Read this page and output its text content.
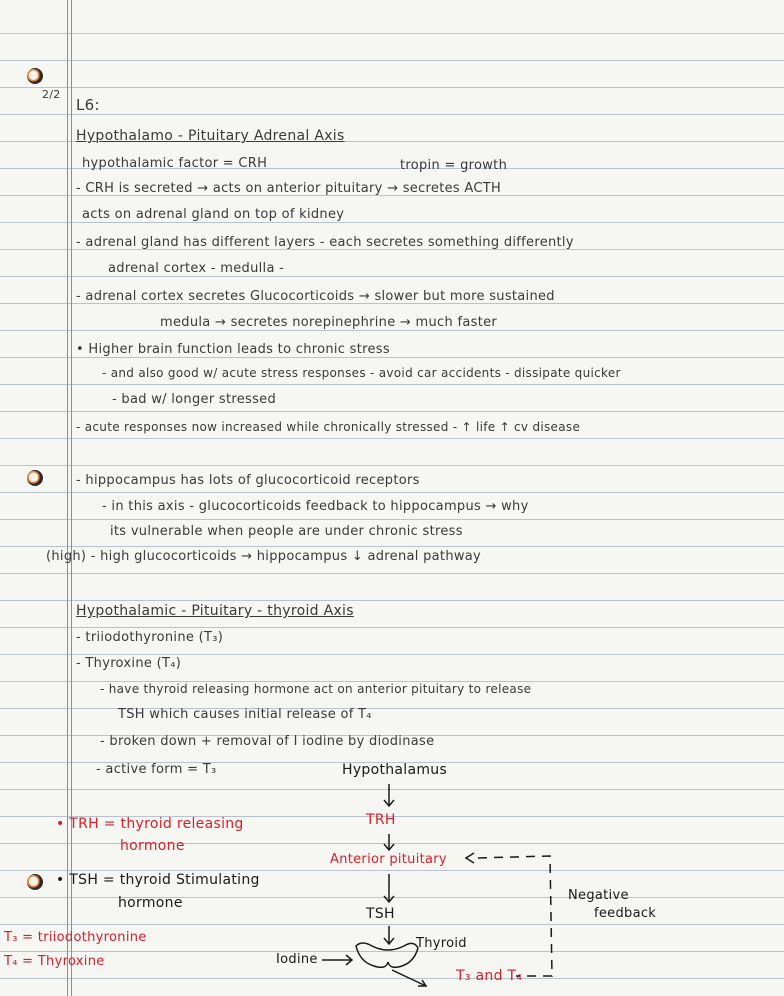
2/2
L6:
Hypothalamo - Pituitary Adrenal Axis
hypothalamic factor = CRH	tropin = growth
- CRH is secreted → acts on anterior pituitary → secretes ACTH
acts on adrenal gland on top of kidney
- adrenal gland has different layers - each secretes something differently
adrenal cortex - medulla -
- adrenal cortex secretes Glucocorticoids → slower but more sustained
medula → secretes norepinephrine → much faster
• Higher brain function leads to chronic stress
- and also good w/ acute stress responses - avoid car accidents - dissipate quicker
- bad w/ longer stressed
- acute responses now increased while chronically stressed - ↑ life ↑ cv disease
- hippocampus has lots of glucocorticoid receptors
- in this axis - glucocorticoids feedback to hippocampus → why
its vulnerable when people are under chronic stress
(high) - high glucocorticoids → hippocampus ↓ adrenal pathway
Hypothalamic - Pituitary - thyroid Axis
- triiodothyronine (T₃)
- Thyroxine (T₄)
- have thyroid releasing hormone act on anterior pituitary to release
TSH which causes initial release of T₄
- broken down + removal of I iodine by diodinase
- active form = T₃
• TRH = thyroid releasing
hormone
• TSH = thyroid Stimulating
hormone
T₃ = triiodothyronine
T₄ = Thyroxine
Hypothalamus
TRH
Anterior pituitary
TSH
Thyroid
Iodine
T₃ and T₄
Negative
feedback
